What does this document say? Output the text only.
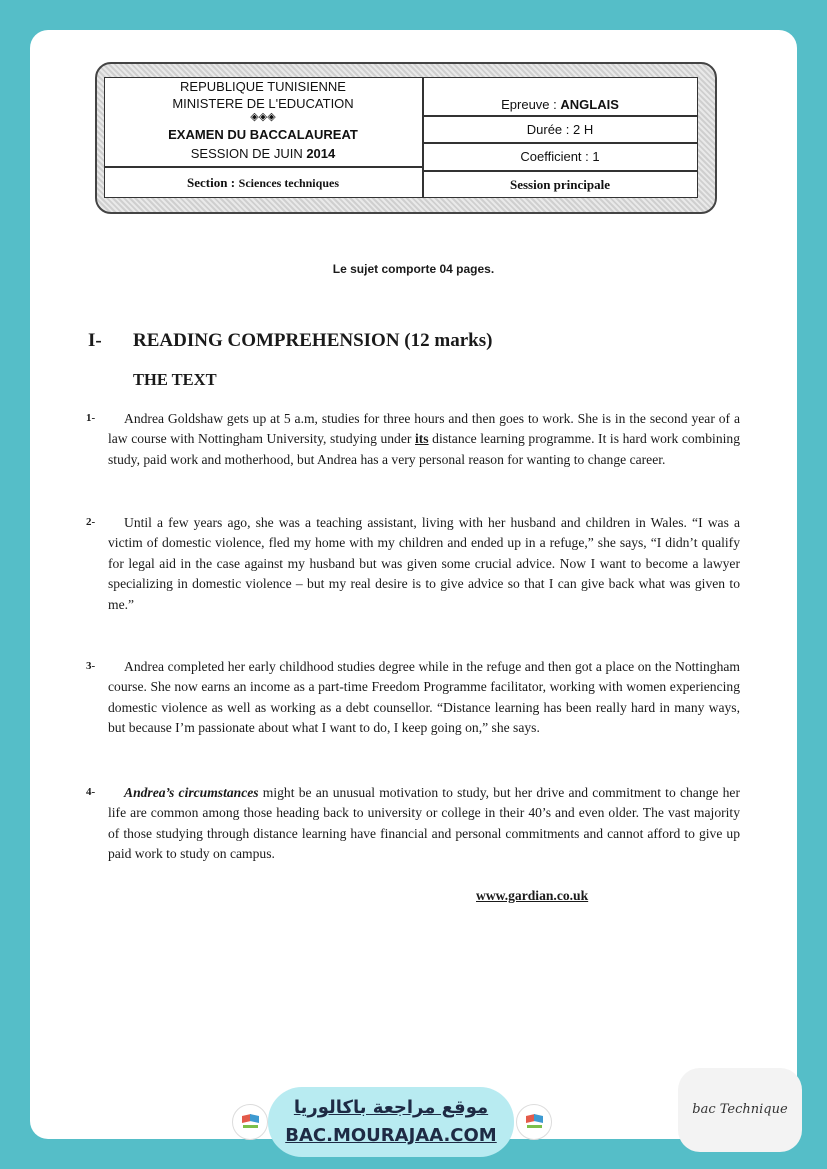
REPUBLIQUE TUNISIENNE
MINISTERE DE L'EDUCATION
◈◈◈
EXAMEN DU BACCALAUREAT
SESSION DE JUIN 2014
Section : Sciences techniques
Epreuve : ANGLAIS
Durée : 2 H
Coefficient : 1
Session principale
Le sujet comporte 04 pages.
I- READING COMPREHENSION (12 marks)
THE TEXT
1-	Andrea Goldshaw gets up at 5 a.m, studies for three hours and then goes to work. She is in the second year of a law course with Nottingham University, studying under its distance learning programme. It is hard work combining study, paid work and motherhood, but Andrea has a very personal reason for wanting to change career.
2-	Until a few years ago, she was a teaching assistant, living with her husband and children in Wales. “I was a victim of domestic violence, fled my home with my children and ended up in a refuge,” she says, “I didn’t qualify for legal aid in the case against my husband but was given some crucial advice. Now I want to become a lawyer specializing in domestic violence – but my real desire is to give advice so that I can give back what was given to me.”
3-	Andrea completed her early childhood studies degree while in the refuge and then got a place on the Nottingham course. She now earns an income as a part-time Freedom Programme facilitator, working with women experiencing domestic violence as well as working as a debt counsellor. “Distance learning has been really hard in many ways, but because I’m passionate about what I want to do, I keep going on,” she says.
4-	Andrea’s circumstances might be an unusual motivation to study, but her drive and commitment to change her life are common among those heading back to university or college in their 40’s and even older. The vast majority of those studying through distance learning have financial and personal commitments and cannot afford to give up paid work to study on campus.
www.gardian.co.uk
موقع مراجعة باكالوريا
BAC.MOURAJAA.COM
bac Technique
